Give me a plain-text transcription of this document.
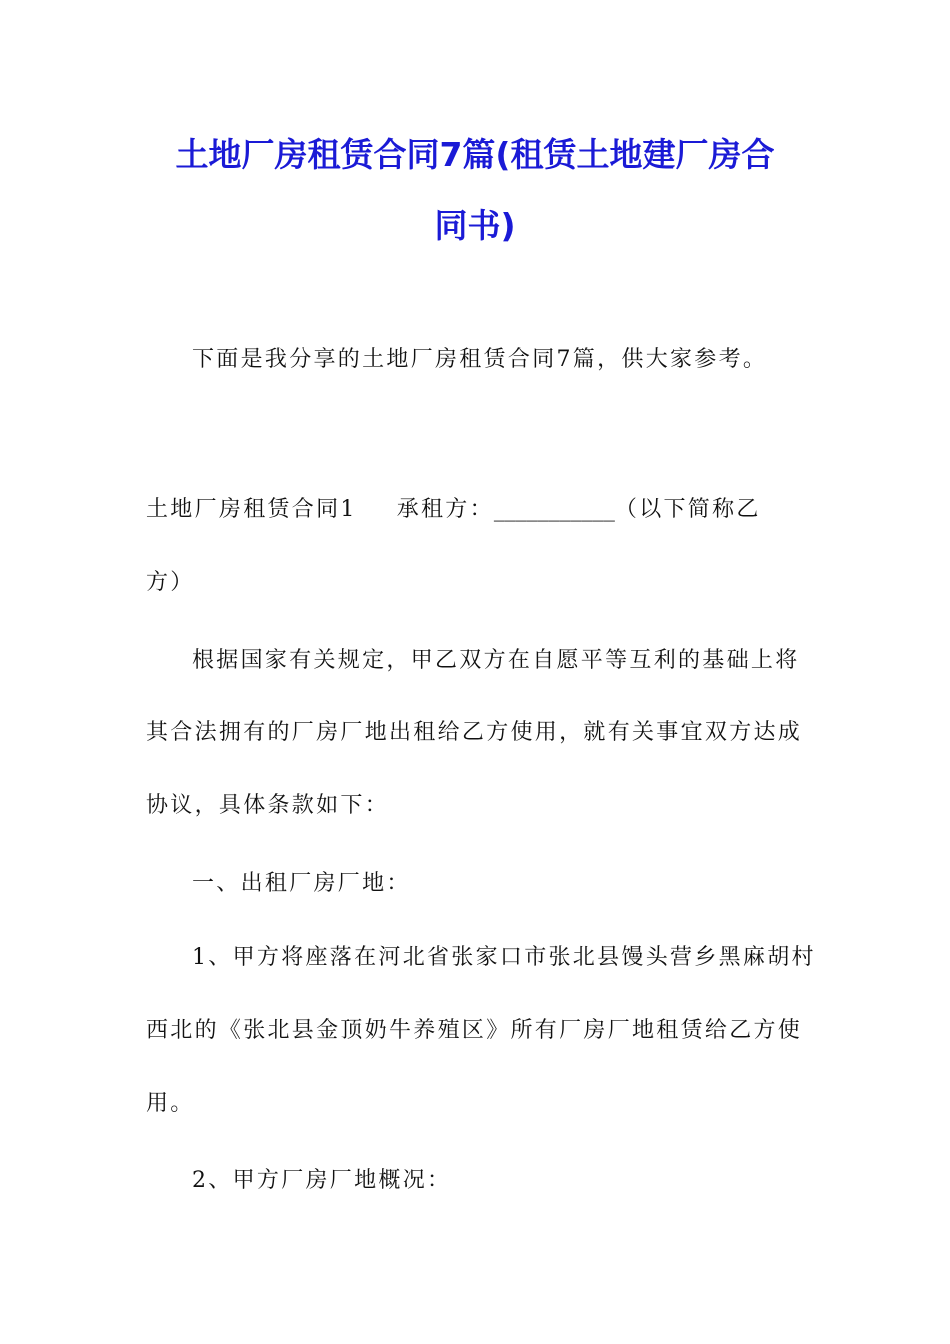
土地厂房租赁合同7篇(租赁土地建厂房合
同书)
下面是我分享的土地厂房租赁合同7篇，供大家参考。
土地厂房租赁合同1 承租方：___________（以下简称乙
方）
根据国家有关规定，甲乙双方在自愿平等互利的基础上将
其合法拥有的厂房厂地出租给乙方使用，就有关事宜双方达成
协议，具体条款如下：
一、出租厂房厂地：
1、甲方将座落在河北省张家口市张北县馒头营乡黑麻胡村
西北的《张北县金顶奶牛养殖区》所有厂房厂地租赁给乙方使
用。
2、甲方厂房厂地概况：
